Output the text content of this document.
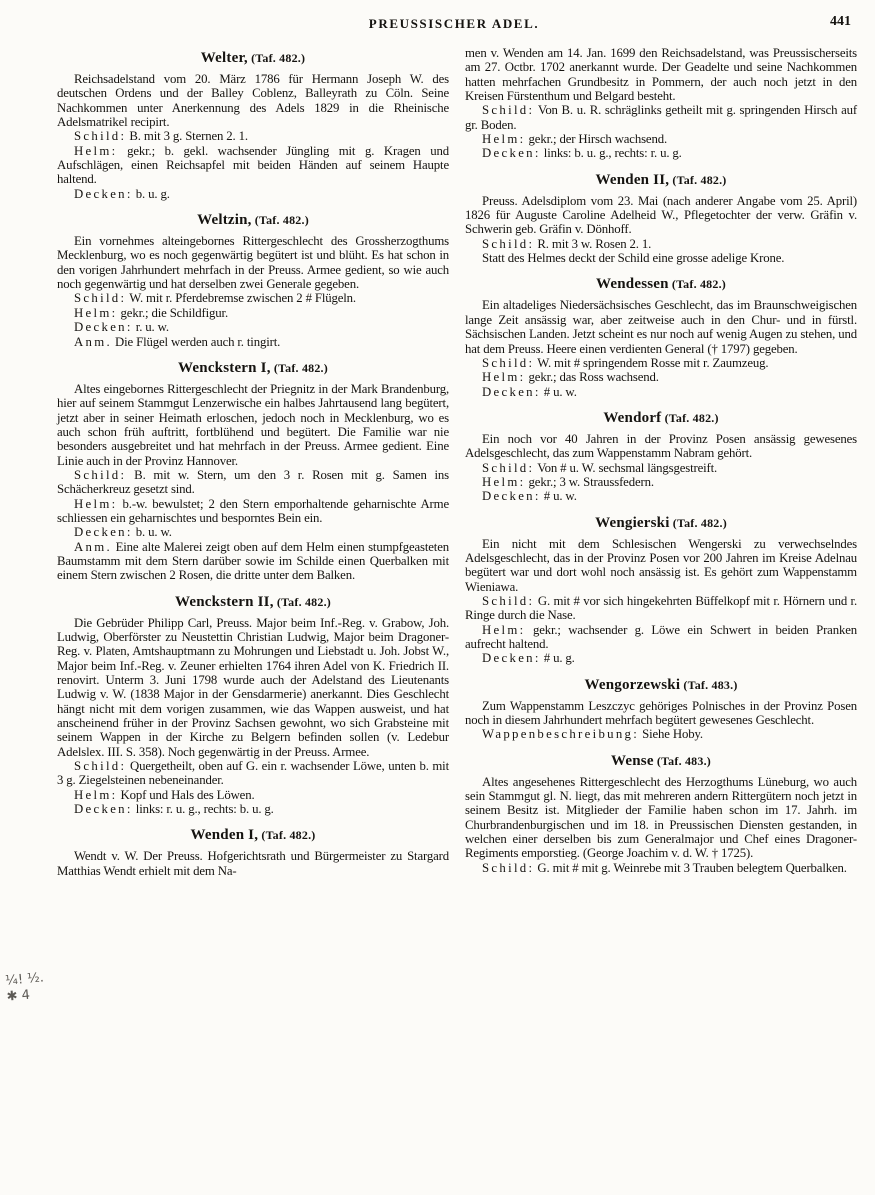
PREUSSISCHER ADEL.	441
Welter, (Taf. 482.)

Reichsadelstand vom 20. März 1786 für Hermann Joseph W. des deutschen Ordens und der Balley Coblenz, Balleyrath zu Cöln. Seine Nachkommen unter Anerkennung des Adels 1829 in die Rheinische Adelsmatrikel recipirt.

Schild: B. mit 3 g. Sternen 2. 1.

Helm: gekr.; b. gekl. wachsender Jüngling mit g. Kragen und Aufschlägen, einen Reichsapfel mit beiden Händen auf seinem Haupte haltend.

Decken: b. u. g.

Weltzin, (Taf. 482.)

Ein vornehmes alteingebornes Rittergeschlecht des Grossherzogthums Mecklenburg, wo es noch gegenwärtig begütert ist und blüht. Es hat schon in den vorigen Jahrhundert mehrfach in der Preuss. Armee gedient, so wie auch noch gegenwärtig und hat derselben zwei Generale gegeben.

Schild: W. mit r. Pferdebremse zwischen 2 # Flügeln.

Helm: gekr.; die Schildfigur.

Decken: r. u. w.

Anm. Die Flügel werden auch r. tingirt.

Wenckstern I, (Taf. 482.)

Altes eingebornes Rittergeschlecht der Priegnitz in der Mark Brandenburg, hier auf seinem Stammgut Lenzerwische ein halbes Jahrtausend lang begütert, jetzt aber in seiner Heimath erloschen, jedoch noch in Mecklenburg, wo es auch schon früh auftritt, fortblühend und begütert. Die Familie war nie besonders ausgebreitet und hat mehrfach in der Preuss. Armee gedient. Eine Linie auch in der Provinz Hannover.

Schild: B. mit w. Stern, um den 3 r. Rosen mit g. Samen ins Schächerkreuz gesetzt sind.

Helm: b.-w. bewulstet; 2 den Stern emporhaltende geharnischte Arme schliessen ein geharnischtes und besporntes Bein ein.

Decken: b. u. w.

Anm. Eine alte Malerei zeigt oben auf dem Helm einen stumpfgeasteten Baumstamm mit dem Stern darüber sowie im Schilde einen Querbalken mit einem Stern zwischen 2 Rosen, die dritte unter dem Balken.

Wenckstern II, (Taf. 482.)

Die Gebrüder Philipp Carl, Preuss. Major beim Inf.-Reg. v. Grabow, Joh. Ludwig, Oberförster zu Neustettin Christian Ludwig, Major beim Dragoner-Reg. v. Platen, Amtshauptmann zu Mohrungen und Liebstadt u. Joh. Jobst W., Major beim Inf.-Reg. v. Zeuner erhielten 1764 ihren Adel von K. Friedrich II. renovirt. Unterm 3. Juni 1798 wurde auch der Adelstand des Lieutenants Ludwig v. W. (1838 Major in der Gensdarmerie) anerkannt. Dies Geschlecht hängt nicht mit dem vorigen zusammen, wie das Wappen ausweist, und hat anscheinend früher in der Provinz Sachsen gewohnt, wo sich Grabsteine mit seinem Wappen in der Kirche zu Belgern befinden sollen (v. Ledebur Adelslex. III. S. 358). Noch gegenwärtig in der Preuss. Armee.

Schild: Quergetheilt, oben auf G. ein r. wachsender Löwe, unten b. mit 3 g. Ziegelsteinen nebeneinander.

Helm: Kopf und Hals des Löwen.

Decken: links: r. u. g., rechts: b. u. g.

Wenden I, (Taf. 482.)

Wendt v. W. Der Preuss. Hofgerichtsrath und Bürgermeister zu Stargard Matthias Wendt erhielt mit dem Na-

men v. Wenden am 14. Jan. 1699 den Reichsadelstand, was Preussischerseits am 27. Octbr. 1702 anerkannt wurde. Der Geadelte und seine Nachkommen hatten mehrfachen Grundbesitz in Pommern, der auch noch jetzt in den Kreisen Fürstenthum und Belgard besteht.

Schild: Von B. u. R. schräglinks getheilt mit g. springenden Hirsch auf gr. Boden.

Helm: gekr.; der Hirsch wachsend.

Decken: links: b. u. g., rechts: r. u. g.

Wenden II, (Taf. 482.)

Preuss. Adelsdiplom vom 23. Mai (nach anderer Angabe vom 25. April) 1826 für Auguste Caroline Adelheid W., Pflegetochter der verw. Gräfin v. Schwerin geb. Gräfin v. Dönhoff.

Schild: R. mit 3 w. Rosen 2. 1.

Statt des Helmes deckt der Schild eine grosse adelige Krone.

Wendessen (Taf. 482.)

Ein altadeliges Niedersächsisches Geschlecht, das im Braunschweigischen lange Zeit ansässig war, aber zeitweise auch in den Chur- und in fürstl. Sächsischen Landen. Jetzt scheint es nur noch auf wenig Augen zu stehen, und hat dem Preuss. Heere einen verdienten General († 1797) gegeben.

Schild: W. mit # springendem Rosse mit r. Zaumzeug.

Helm: gekr.; das Ross wachsend.

Decken: # u. w.

Wendorf (Taf. 482.)

Ein noch vor 40 Jahren in der Provinz Posen ansässig gewesenes Adelsgeschlecht, das zum Wappenstamm Nabram gehört.

Schild: Von # u. W. sechsmal längsgestreift.

Helm: gekr.; 3 w. Straussfedern.

Decken: # u. w.

Wengierski (Taf. 482.)

Ein nicht mit dem Schlesischen Wengerski zu verwechselndes Adelsgeschlecht, das in der Provinz Posen vor 200 Jahren im Kreise Adelnau begütert war und dort wohl noch ansässig ist. Es gehört zum Wappenstamm Wieniawa.

Schild: G. mit # vor sich hingekehrten Büffelkopf mit r. Hörnern und r. Ringe durch die Nase.

Helm: gekr.; wachsender g. Löwe ein Schwert in beiden Pranken aufrecht haltend.

Decken: # u. g.

Wengorzewski (Taf. 483.)

Zum Wappenstamm Leszczyc gehöriges Polnisches in der Provinz Posen noch in diesem Jahrhundert mehrfach begütert gewesenes Geschlecht.

Wappenbeschreibung: Siehe Hoby.

Wense (Taf. 483.)

Altes angesehenes Rittergeschlecht des Herzogthums Lüneburg, wo auch sein Stammgut gl. N. liegt, das mit mehreren andern Rittergütern noch jetzt in seinem Besitz ist. Mitglieder der Familie haben schon im 17. Jahrh. im Churbrandenburgischen und im 18. in Preussischen Diensten gestanden, in welchen einer derselben bis zum Generalmajor und Chef eines Dragoner-Regiments emporstieg. (George Joachim v. d. W. † 1725).

Schild: G. mit # mit g. Weinrebe mit 3 Trauben belegtem Querbalken.

¼! ½.
✱ 4
